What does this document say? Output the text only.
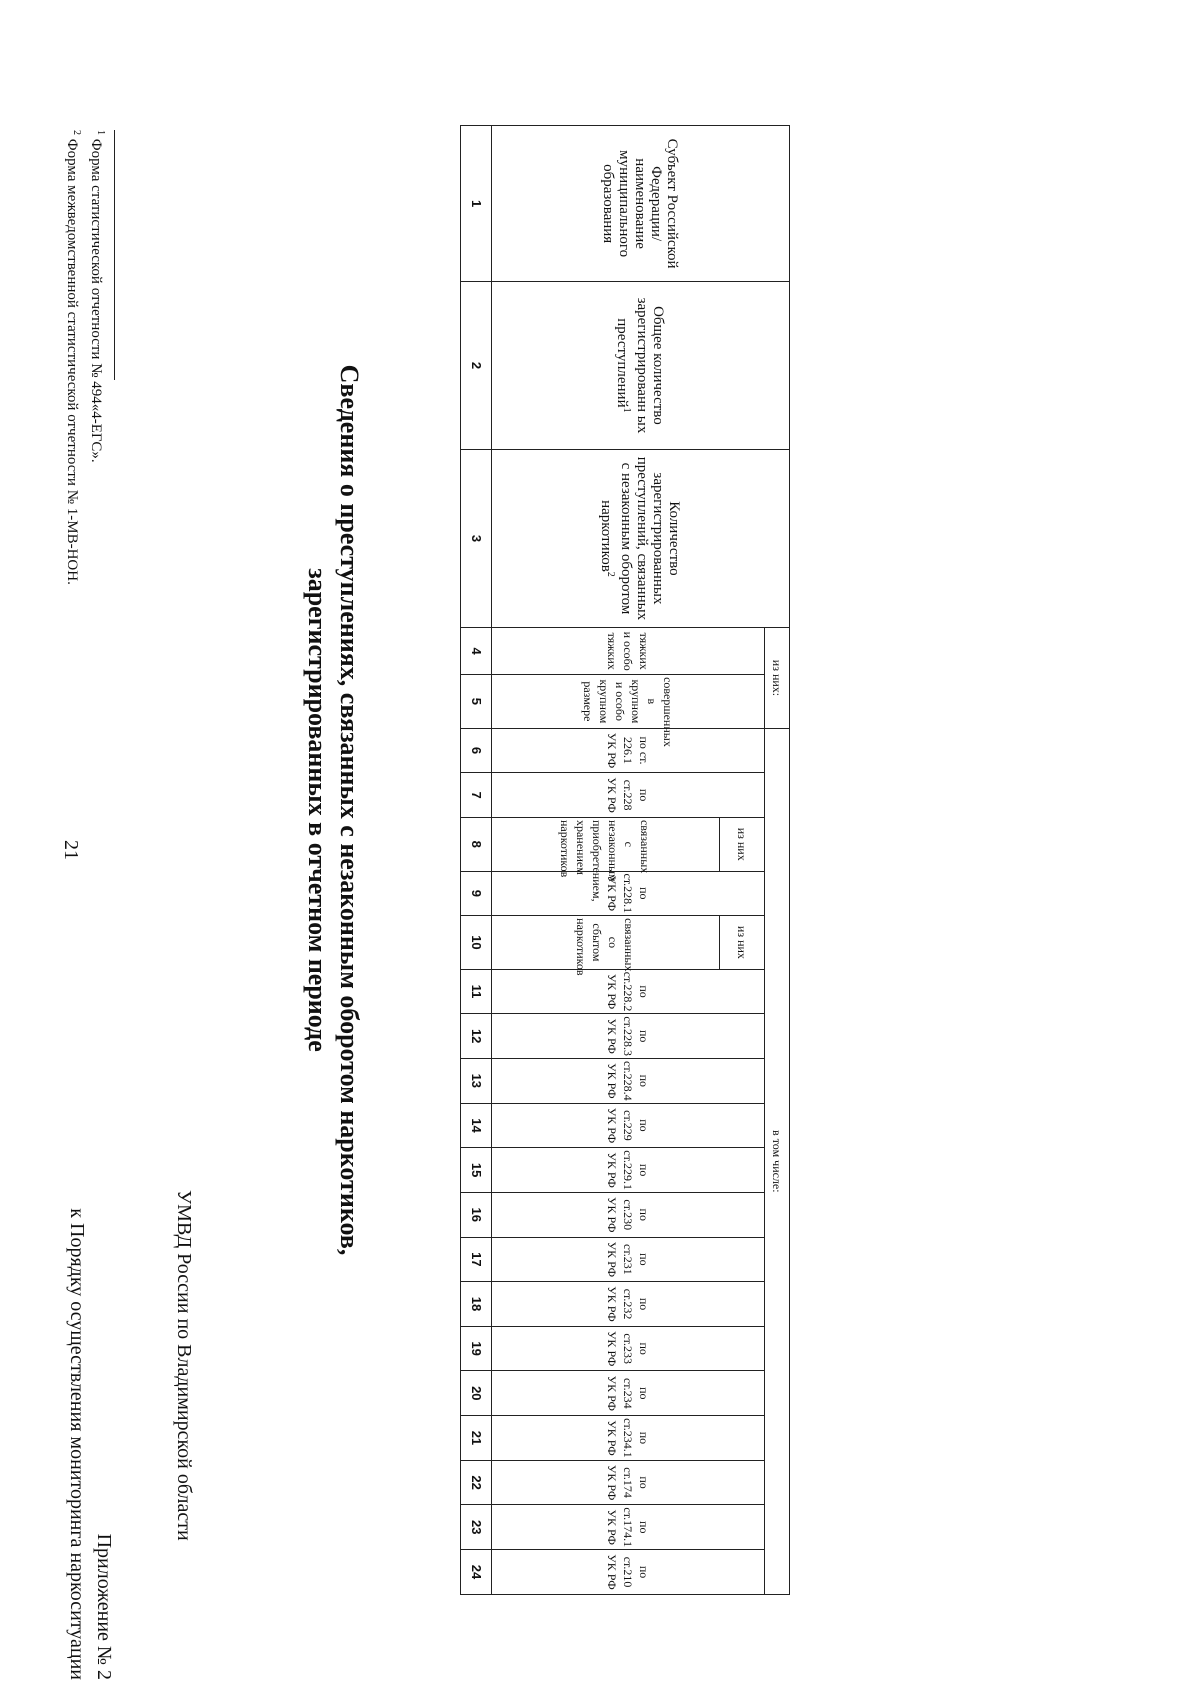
21
УМВД России по Владимирской области
Приложение № 2
к Порядку осуществления мониторинга наркоситуации
Сведения о преступлениях, связанных с незаконным оборотом наркотиков,
зарегистрированных в отчетном периоде
Субъект Российской Федерации/ наименование муниципального образования	Общее количество зарегистрированн ых преступлений$^1$	Количество зарегистрированных преступлений, связанных с незаконным оборотом наркотиков$^2$	из них:		в том числе:																		
			тяжких и особо тяжких	совершенных в крупном и особо крупном размере	по ст. 226.1 УК РФ	по ст.228 УК РФ	из них	по ст.228.1 УК РФ	из них	по ст.228.2 УК РФ	по ст.228.3 УК РФ	по ст.228.4 УК РФ	по ст.229 УК РФ	по ст.229.1 УК РФ	по ст.230 УК РФ	по ст.231 УК РФ	по ст.232 УК РФ	по ст.233 УК РФ	по ст.234 УК РФ	по ст.234.1 УК РФ	по ст.174 УК РФ	по ст.174.1 УК РФ	по ст.210 УК РФ
							связанных с незаконным приобретением, хранением наркотиков		связанных со сбытом наркотиков														
1	2	3	4	5	6	7	8	9	10	11	12	13	14	15	16	17	18	19	20	21	22	23	24
$^1$ Форма статистической отчетности № 494«4-ЕГС».
$^2$ Форма межведомственной статистической отчетности № 1-МВ-НОН.
